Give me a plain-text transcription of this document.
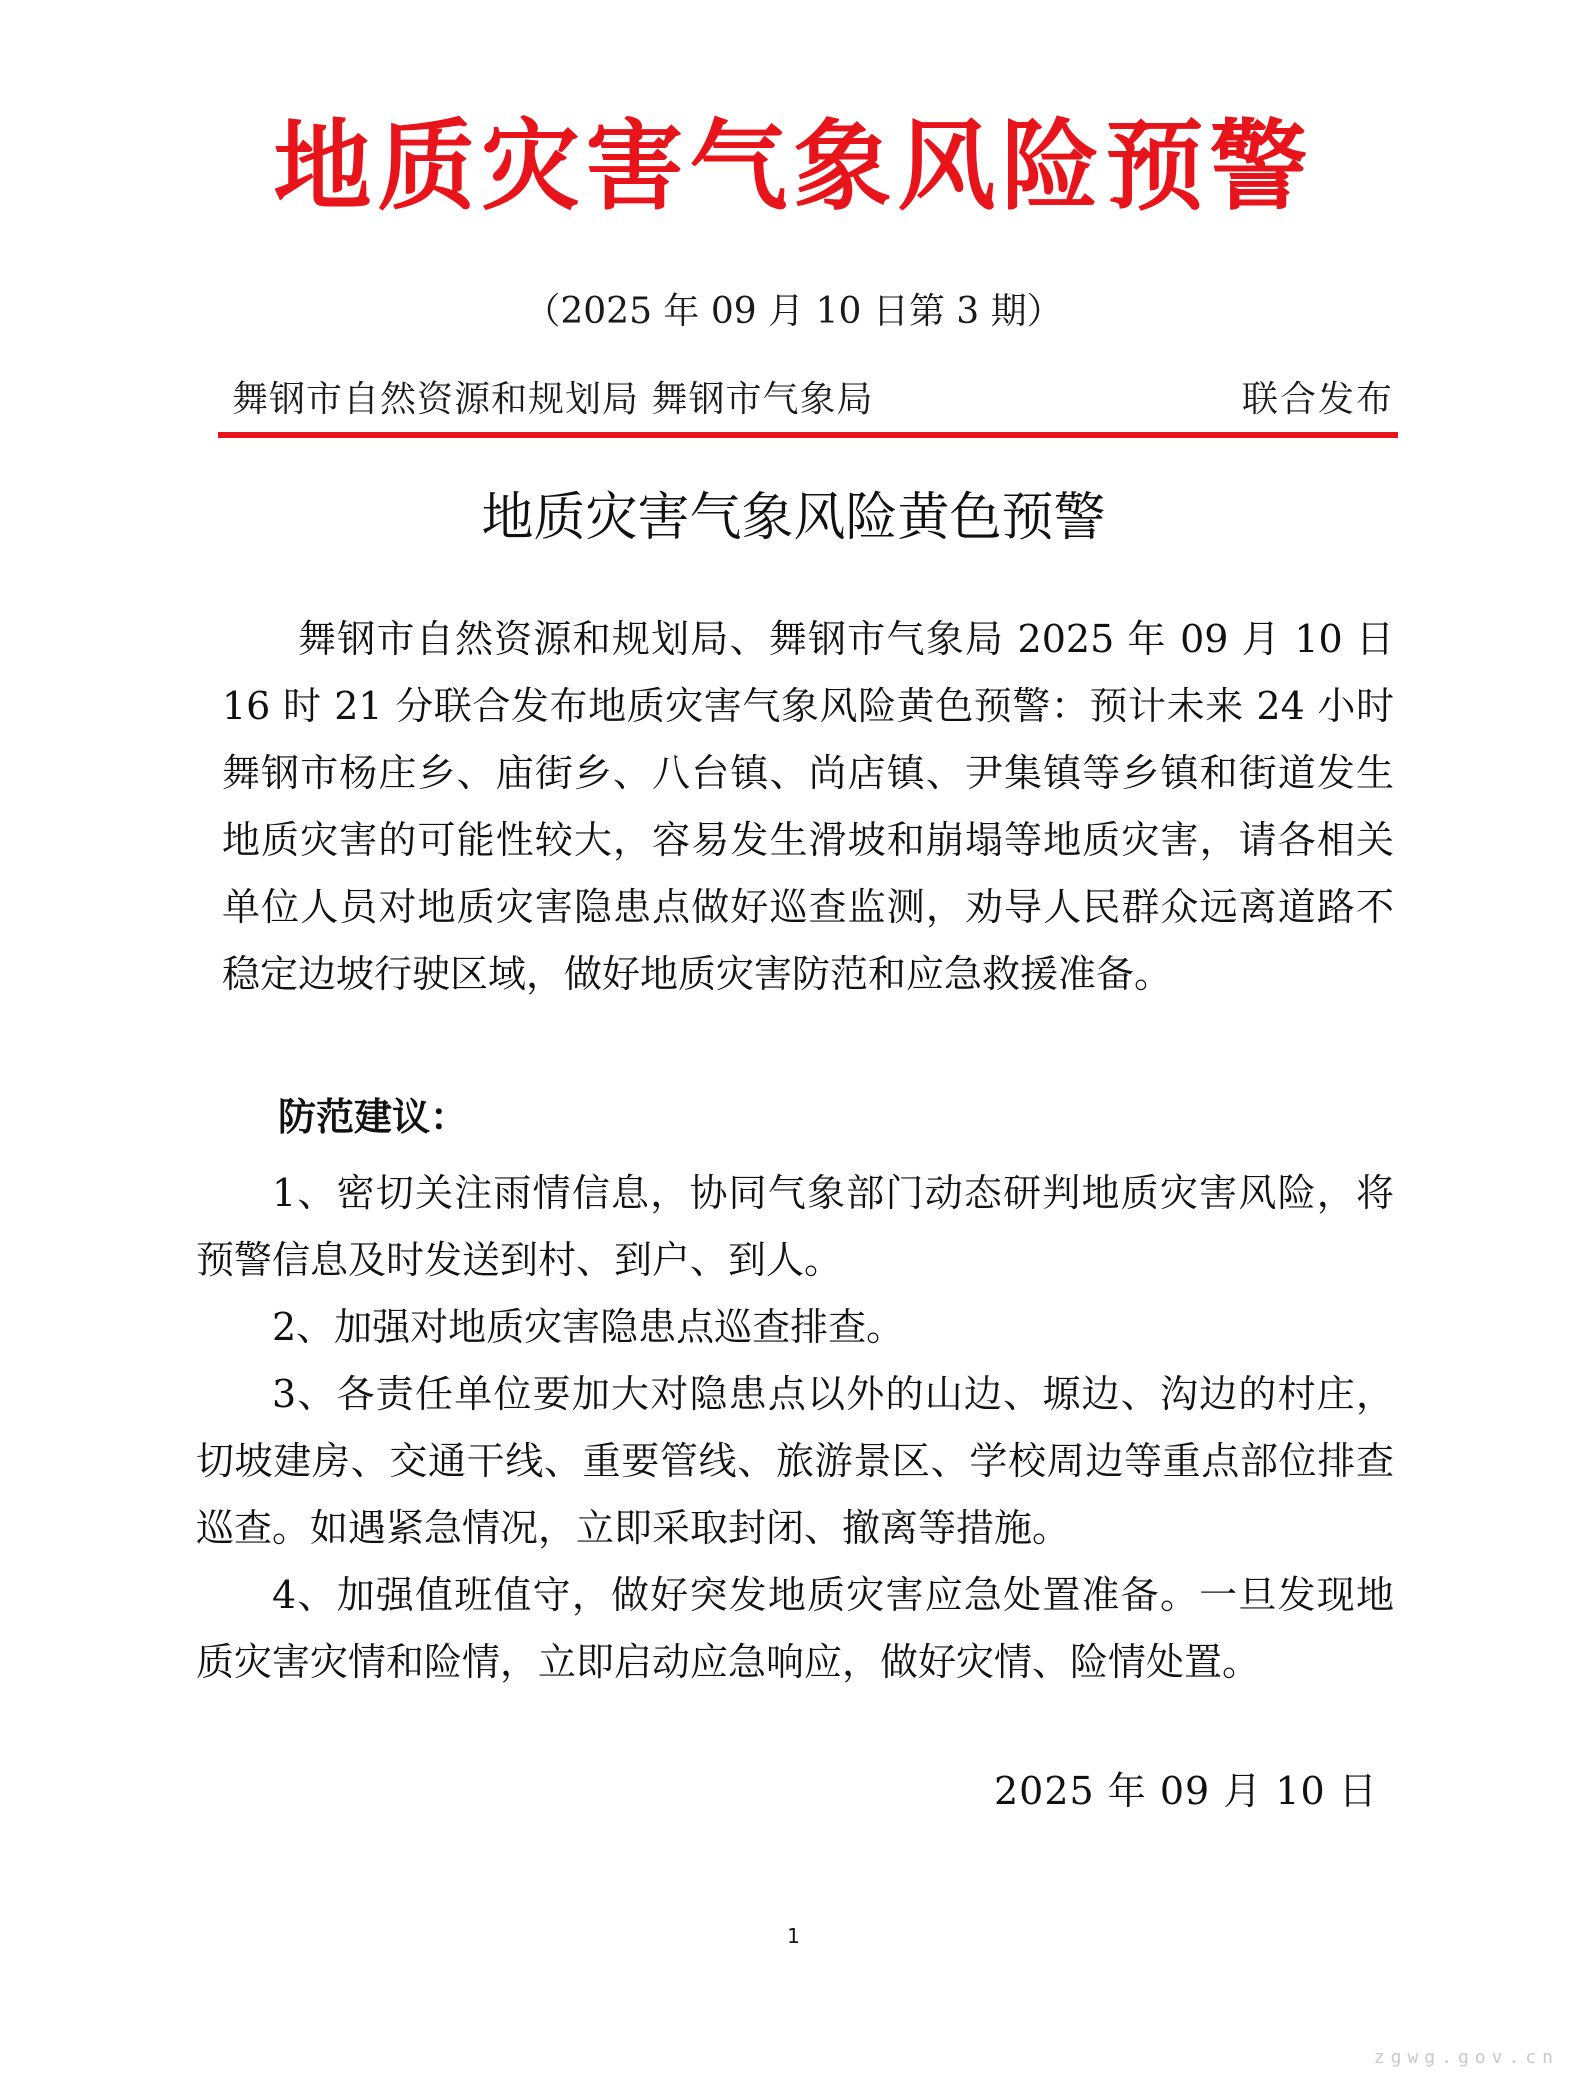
地质灾害气象风险预警
（2025 年 09 月 10 日第 3 期）
舞钢市自然资源和规划局 舞钢市气象局	联合发布
地质灾害气象风险黄色预警

舞钢市自然资源和规划局、舞钢市气象局 2025 年 09 月 10 日 16 时 21 分联合发布地质灾害气象风险黄色预警：预计未来 24 小时舞钢市杨庄乡、庙街乡、八台镇、尚店镇、尹集镇等乡镇和街道发生地质灾害的可能性较大，容易发生滑坡和崩塌等地质灾害，请各相关单位人员对地质灾害隐患点做好巡查监测，劝导人民群众远离道路不稳定边坡行驶区域，做好地质灾害防范和应急救援准备。

防范建议：
1、密切关注雨情信息，协同气象部门动态研判地质灾害风险，将预警信息及时发送到村、到户、到人。
2、加强对地质灾害隐患点巡查排查。
3、各责任单位要加大对隐患点以外的山边、塬边、沟边的村庄，切坡建房、交通干线、重要管线、旅游景区、学校周边等重点部位排查巡查。如遇紧急情况，立即采取封闭、撤离等措施。
4、加强值班值守，做好突发地质灾害应急处置准备。一旦发现地质灾害灾情和险情，立即启动应急响应，做好灾情、险情处置。
2025 年 09 月 10 日
1
zgwg.gov.cn
